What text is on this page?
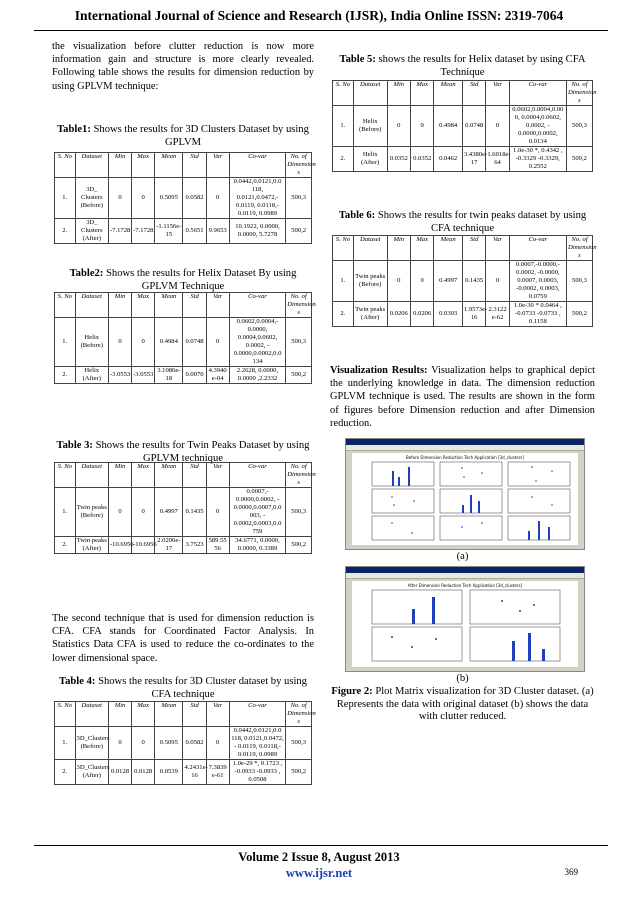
International Journal of Science and Research (IJSR), India Online ISSN: 2319-7064

the visualization before clutter reduction is now more information gain and structure is more clearly revealed. Following table shows the results for dimension reduction by using GPLVM technique:

Table1: Shows the results for 3D Clusters Dataset by using GPLVM

S. No	Dataset	Min	Max	Mean	Std	Var	Co-var	No. of Dimension s
1.	3D_ Clusters (Before)	0	0	0.5095	0.0582	0	0.0442,0.0121,0.0 118, 0.0121,0.0472,- 0.0119, 0.0118,- 0.0119, 0.0989	500,3
2.	3D_ Clusters (After)	-7.1728	-7.1728	-1.1156e-15	0.5651	9.9653	10.1922, 0.0000, 0.0000, 5.7278	500,2

Table2: Shows the results for Helix Dataset By using GPLVM Technique

S. No	Dataset	Min	Max	Mean	Std	Var	Co-var	No. of Dimension s
1.	Helix (Before)	0	0	0.4984	0.0748	0	0.0602,0.0004,- 0.0000, 0.0004,0.0602, 0.0002, - 0.0000,0.0002,0.0 134	500,3
2.	Helix (After)	-3.0553	-3.0553	3.1086e-18	0.0070	4.3940 e-04	2.2628, 0.0000, 0.0000 ,2.2332	500,2

Table 3: Shows the results for Twin Peaks Dataset by using GPLVM technique

S. No	Dataset	Min	Max	Mean	Std	Var	Co-var	No. of Dimension s
1.	Twin peaks (Before)	0	0	0.4997	0.1435	0	0.0007,- 0.0000,0.0002, - 0.0000,0.0007,0.0 003, - 0.0002,0.0003,0.0 759	500,3
2.	Twin peaks (After)	-10.6956	-10.6956	2.0206e-17	3.7523	589.55 56	34.6771, 0.0000, 0.0000, 0.3389	500,2

The second technique that is used for dimension reduction is CFA. CFA stands for Coordinated Factor Analysis. In Statistics Data CFA is used to reduce the co-ordinates to the lower dimensional space.

Table 4: Shows the results for 3D Cluster dataset by using CFA technique

S. No	Dataset	Min	Max	Mean	Std	Var	Co-var	No. of Dimension s
1.	3D_Clusters (Before)	0	0	0.5095	0.0582	0	0.0442,0.0121,0.0 118, 0.0121,0.0472, - 0.0119, 0.0118,- 0.0119, 0.0989	500,3
2.	3D_Clusters (After)	0.0128	0.0128	0.0539	4.2431e-16	7.3839 e-61	1.0e-29 *, 0.1723 , -0.0933 -0.0933 , 0.0508	500,2

Table 5: shows the results for Helix dataset by using CFA Technique

S. No	Dataset	Min	Max	Mean	Std	Var	Co-var	No. of Dimension s
1.	Helix (Before)	0	0	0.4984	0.0748	0	0.0602,0.0004,0.00 0, 0.0004,0.0602, 0.0002, - 0.0000,0.0002, 0.0134	500,3
2.	Helix (After)	0.0352	0.0352	0.0462	3.4380e-17	1.6018e-64	1.0e-30 *, 0.4342 , -0.3329 -0.3329, 0.2552	500,2

Table 6: Shows the results for twin peaks dataset by using CFA technique

S. No	Dataset	Min	Max	Mean	Std	Var	Co-var	No. of Dimension s
1.	Twin peaks (Before)	0	0	0.4997	0.1435	0	0.0007,-0.0000,- 0.0002, -0.0000, 0.0007, 0.0003, -0.0002, 0.0003, 0.0759	500,3
2.	Twin peaks (After)	0.0206	0.0206	0.0303	1.9573e-16	2.3122 e-62	1.0e-30 * 0.0464 , -0.0733 -0.0733 , 0.1158	500,2

Visualization Results: Visualization helps to graphical depict the underlying knowledge in data. The dimension reduction GPLVM technique is used. The results are shown in the form of figures before Dimension reduction and after Dimension reduction.

Before Dimension Reduction Tech Application [3d_clusters]
(a)
After Dimension Reduction Tech Application [3d_clusters]
(b)

Figure 2: Plot Matrix visualization for 3D Cluster dataset. (a) Represents the data with original dataset (b) shows the data with clutter reduced.

Volume 2 Issue 8, August 2013
www.ijsr.net	369
